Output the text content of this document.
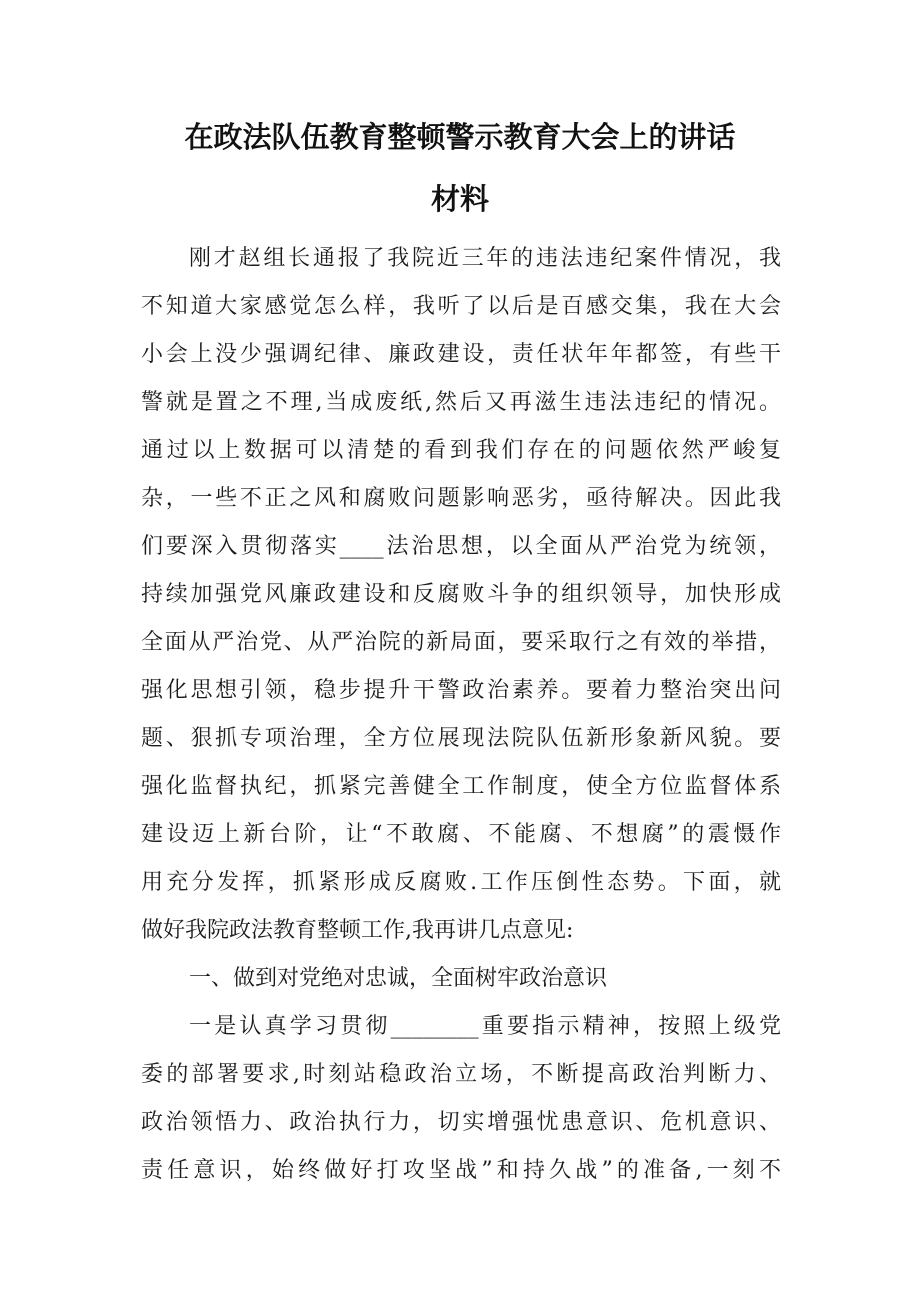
在政法队伍教育整顿警示教育大会上的讲话
材料
刚才赵组长通报了我院近三年的违法违纪案件情况，我
不知道大家感觉怎么样，我听了以后是百感交集，我在大会
小会上没少强调纪律、廉政建设，责任状年年都签，有些干
警就是置之不理,当成废纸,然后又再滋生违法违纪的情况。
通过以上数据可以清楚的看到我们存在的问题依然严峻复
杂，一些不正之风和腐败问题影响恶劣，亟待解决。因此我
们要深入贯彻落实____法治思想，以全面从严治党为统领，
持续加强党风廉政建设和反腐败斗争的组织领导，加快形成
全面从严治党、从严治院的新局面，要采取行之有效的举措，
强化思想引领，稳步提升干警政治素养。要着力整治突出问
题、狠抓专项治理，全方位展现法院队伍新形象新风貌。要
强化监督执纪，抓紧完善健全工作制度，使全方位监督体系
建设迈上新台阶，让“不敢腐、不能腐、不想腐”的震慑作
用充分发挥，抓紧形成反腐败.工作压倒性态势。下面，就
做好我院政法教育整顿工作,我再讲几点意见:
一、做到对党绝对忠诚，全面树牢政治意识
一是认真学习贯彻________重要指示精神，按照上级党
委的部署要求,时刻站稳政治立场，不断提高政治判断力、
政治领悟力、政治执行力，切实增强忧患意识、危机意识、
责任意识，始终做好打攻坚战”和持久战”的准备,一刻不
